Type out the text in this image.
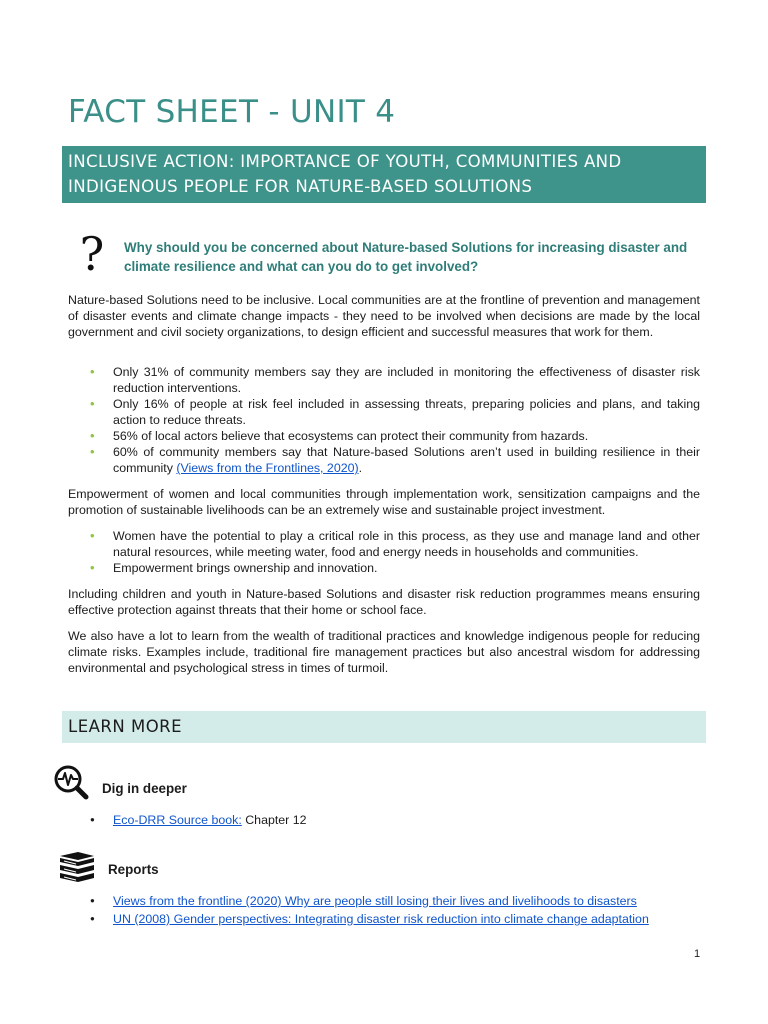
FACT SHEET - UNIT 4
INCLUSIVE ACTION: IMPORTANCE OF YOUTH, COMMUNITIES AND
INDIGENOUS PEOPLE FOR NATURE-BASED SOLUTIONS
? Why should you be concerned about Nature-based Solutions for increasing disaster and climate resilience and what can you do to get involved?

Nature-based Solutions need to be inclusive. Local communities are at the frontline of prevention and management of disaster events and climate change impacts - they need to be involved when decisions are made by the local government and civil society organizations, to design efficient and successful measures that work for them.

• Only 31% of community members say they are included in monitoring the effectiveness of disaster risk reduction interventions.
• Only 16% of people at risk feel included in assessing threats, preparing policies and plans, and taking action to reduce threats.
• 56% of local actors believe that ecosystems can protect their community from hazards.
• 60% of community members say that Nature-based Solutions aren’t used in building resilience in their community (Views from the Frontlines, 2020).

Empowerment of women and local communities through implementation work, sensitization campaigns and the promotion of sustainable livelihoods can be an extremely wise and sustainable project investment.

• Women have the potential to play a critical role in this process, as they use and manage land and other natural resources, while meeting water, food and energy needs in households and communities.
• Empowerment brings ownership and innovation.

Including children and youth in Nature-based Solutions and disaster risk reduction programmes means ensuring effective protection against threats that their home or school face.

We also have a lot to learn from the wealth of traditional practices and knowledge indigenous people for reducing climate risks. Examples include, traditional fire management practices but also ancestral wisdom for addressing environmental and psychological stress in times of turmoil.

LEARN MORE

Dig in deeper

● Eco-DRR Source book: Chapter 12

Reports

● Views from the frontline (2020) Why are people still losing their lives and livelihoods to disasters
● UN (2008) Gender perspectives: Integrating disaster risk reduction into climate change adaptation
1
